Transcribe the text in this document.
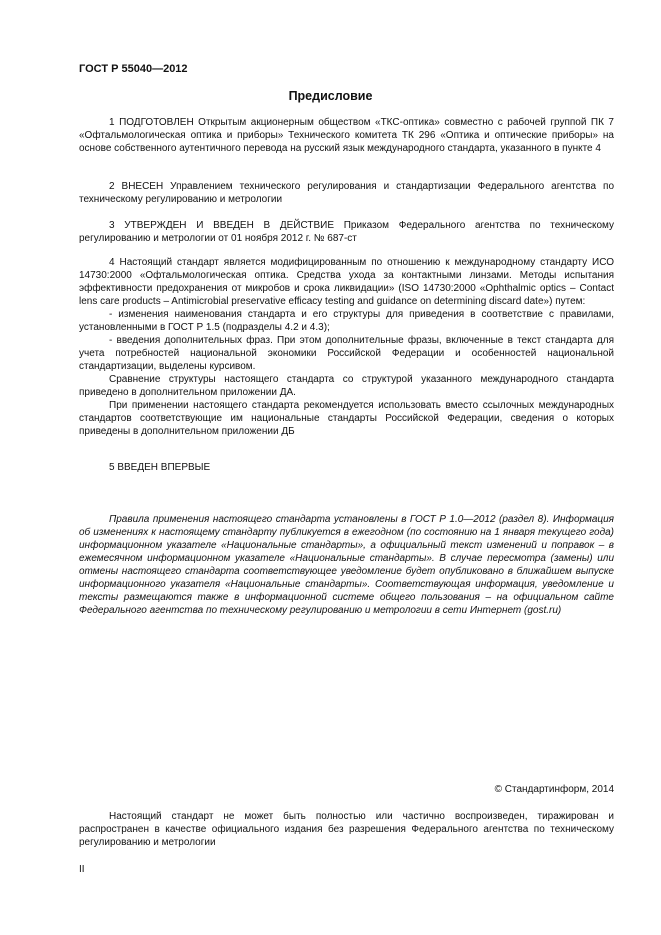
ГОСТ Р 55040—2012
Предисловие

1 ПОДГОТОВЛЕН Открытым акционерным обществом «ТКС-оптика» совместно с рабочей группой ПК 7 «Офтальмологическая оптика и приборы» Технического комитета ТК 296 «Оптика и оптические приборы» на основе собственного аутентичного перевода на русский язык международного стандарта, указанного в пункте 4

2 ВНЕСЕН Управлением технического регулирования и стандартизации Федерального агентства по техническому регулированию и метрологии

3 УТВЕРЖДЕН И ВВЕДЕН В ДЕЙСТВИЕ Приказом Федерального агентства по техническому регулированию и метрологии от 01 ноября 2012 г. № 687-ст

4 Настоящий стандарт является модифицированным по отношению к международному стандарту ИСО 14730:2000 «Офтальмологическая оптика. Средства ухода за контактными линзами. Методы испытания эффективности предохранения от микробов и срока ликвидации» (ISO 14730:2000 «Ophthalmic optics – Contact lens care products – Antimicrobial preservative efficacy testing and guidance on determining discard date») путем:

- изменения наименования стандарта и его структуры для приведения в соответствие с правилами, установленными в ГОСТ Р 1.5 (подразделы 4.2 и 4.3);

- введения дополнительных фраз. При этом дополнительные фразы, включенные в текст стандарта для учета потребностей национальной экономики Российской Федерации и особенностей национальной стандартизации, выделены курсивом.

Сравнение структуры настоящего стандарта со структурой указанного международного стандарта приведено в дополнительном приложении ДА.

При применении настоящего стандарта рекомендуется использовать вместо ссылочных международных стандартов соответствующие им национальные стандарты Российской Федерации, сведения о которых приведены в дополнительном приложении ДБ

5 ВВЕДЕН ВПЕРВЫЕ

Правила применения настоящего стандарта установлены в ГОСТ Р 1.0—2012 (раздел 8). Информация об изменениях к настоящему стандарту публикуется в ежегодном (по состоянию на 1 января текущего года) информационном указателе «Национальные стандарты», а официальный текст изменений и поправок – в ежемесячном информационном указателе «Национальные стандарты». В случае пересмотра (замены) или отмены настоящего стандарта соответствующее уведомление будет опубликовано в ближайшем выпуске информационного указателя «Национальные стандарты». Соответствующая информация, уведомление и тексты размещаются также в информационной системе общего пользования – на официальном сайте Федерального агентства по техническому регулированию и метрологии в сети Интернет (gost.ru)

© Стандартинформ, 2014

Настоящий стандарт не может быть полностью или частично воспроизведен, тиражирован и распространен в качестве официального издания без разрешения Федерального агентства по техническому регулированию и метрологии

II
